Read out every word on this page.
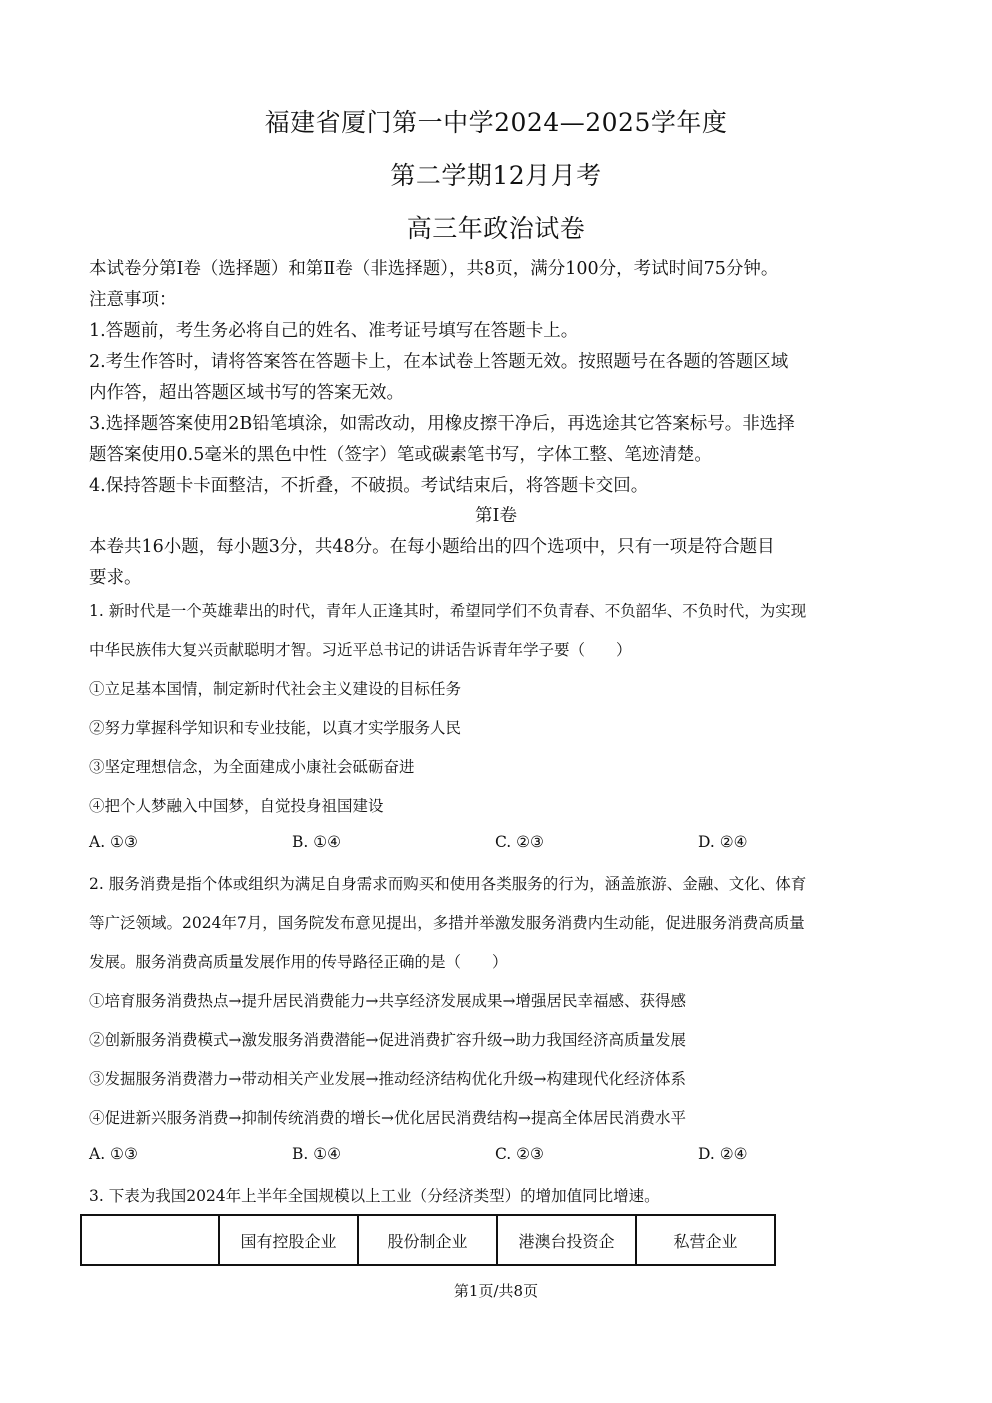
福建省厦门第一中学2024—2025学年度
第二学期12月月考
高三年政治试卷
本试卷分第Ⅰ卷（选择题）和第Ⅱ卷（非选择题），共8页，满分100分，考试时间75分钟。
注意事项：
1.答题前，考生务必将自己的姓名、准考证号填写在答题卡上。
2.考生作答时，请将答案答在答题卡上，在本试卷上答题无效。按照题号在各题的答题区域
内作答，超出答题区域书写的答案无效。
3.选择题答案使用2B铅笔填涂，如需改动，用橡皮擦干净后，再选途其它答案标号。非选择
题答案使用0.5毫米的黑色中性（签字）笔或碳素笔书写，字体工整、笔迹清楚。
4.保持答题卡卡面整洁，不折叠，不破损。考试结束后，将答题卡交回。
第Ⅰ卷
本卷共16小题，每小题3分，共48分。在每小题给出的四个选项中，只有一项是符合题目
要求。
1. 新时代是一个英雄辈出的时代，青年人正逢其时，希望同学们不负青春、不负韶华、不负时代，为实现
中华民族伟大复兴贡献聪明才智。习近平总书记的讲话告诉青年学子要（　　）
①立足基本国情，制定新时代社会主义建设的目标任务
②努力掌握科学知识和专业技能，以真才实学服务人民
③坚定理想信念，为全面建成小康社会砥砺奋进
④把个人梦融入中国梦，自觉投身祖国建设
A. ①③	B. ①④	C. ②③	D. ②④
2. 服务消费是指个体或组织为满足自身需求而购买和使用各类服务的行为，涵盖旅游、金融、文化、体育
等广泛领域。2024年7月，国务院发布意见提出，多措并举激发服务消费内生动能，促进服务消费高质量
发展。服务消费高质量发展作用的传导路径正确的是（　　）
①培育服务消费热点→提升居民消费能力→共享经济发展成果→增强居民幸福感、获得感
②创新服务消费模式→激发服务消费潜能→促进消费扩容升级→助力我国经济高质量发展
③发掘服务消费潜力→带动相关产业发展→推动经济结构优化升级→构建现代化经济体系
④促进新兴服务消费→抑制传统消费的增长→优化居民消费结构→提高全体居民消费水平
A. ①③	B. ①④	C. ②③	D. ②④
3. 下表为我国2024年上半年全国规模以上工业（分经济类型）的增加值同比增速。
	国有控股企业	股份制企业	港澳台投资企	私营企业
第1页/共8页
